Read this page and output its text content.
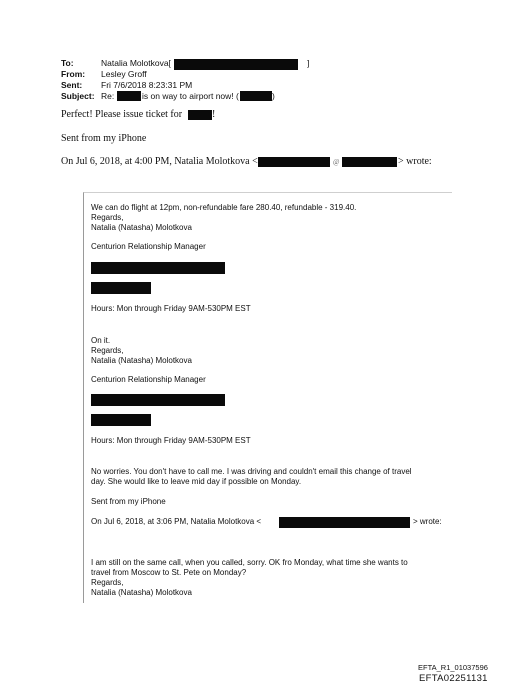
To:	Natalia Molotkova[	]
From: Lesley Groff
Sent: Fri 7/6/2018 8:23:31 PM
Subject: Re:	is on way to airport now! (	)
Perfect! Please issue ticket for	!
Sent from my iPhone
On Jul 6, 2018, at 4:00 PM, Natalia Molotkova <	@	> wrote:
We can do flight at 12pm, non-refundable fare 280.40, refundable - 319.40.
Regards,
Natalia (Natasha) Molotkova
Centurion Relationship Manager
Hours: Mon through Friday 9AM-530PM EST
On it.
Regards,
Natalia (Natasha) Molotkova
Centurion Relationship Manager
Hours: Mon through Friday 9AM-530PM EST
No worries. You don't have to call me. I was driving and couldn't email this change of travel
day. She would like to leave mid day if possible on Monday.
Sent from my iPhone
On Jul 6, 2018, at 3:06 PM, Natalia Molotkova <	> wrote:
I am still on the same call, when you called, sorry. OK fro Monday, what time she wants to
travel from Moscow to St. Pete on Monday?
Regards,
Natalia (Natasha) Molotkova
EFTA_R1_01037596
EFTA02251131
